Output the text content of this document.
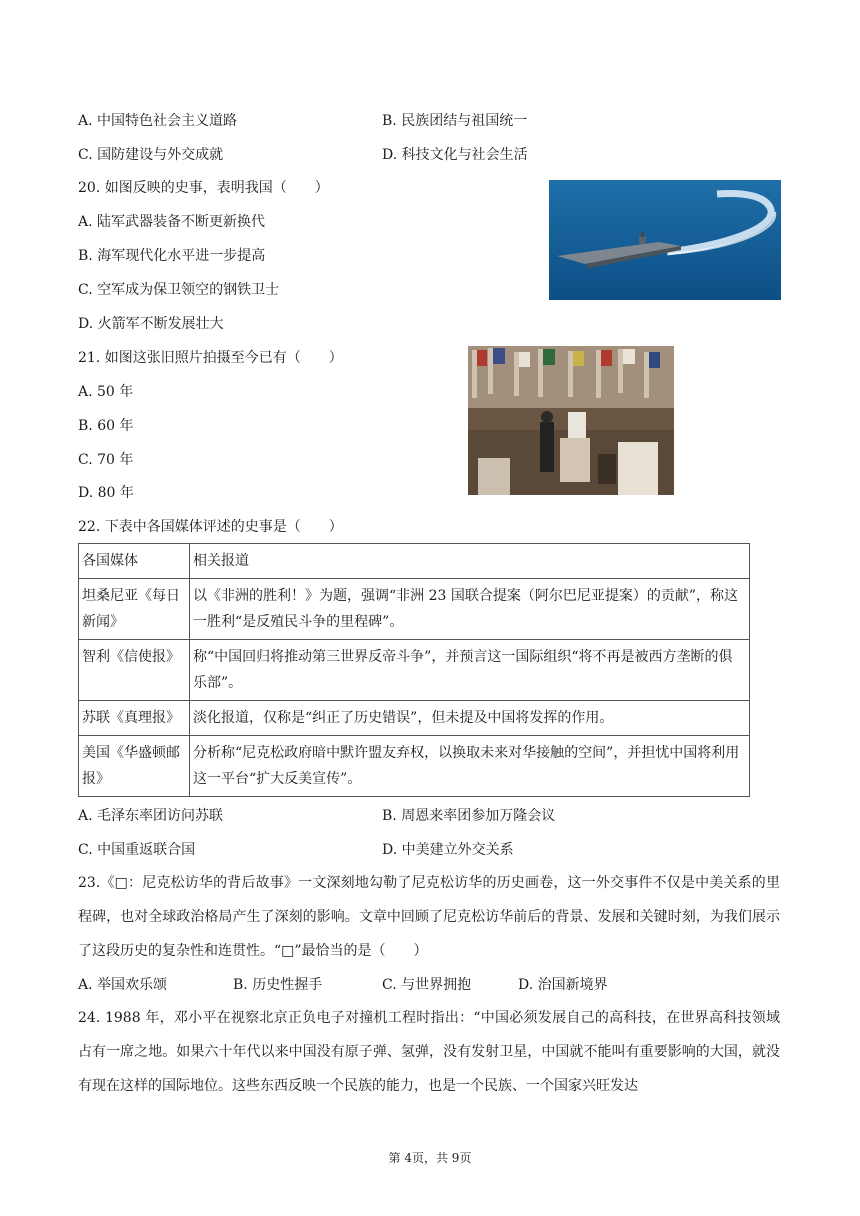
A. 中国特色社会主义道路	B. 民族团结与祖国统一
C. 国防建设与外交成就	D. 科技文化与社会生活
20. 如图反映的史事，表明我国（　　）
A. 陆军武器装备不断更新换代
B. 海军现代化水平进一步提高
C. 空军成为保卫领空的钢铁卫士
D. 火箭军不断发展壮大
21. 如图这张旧照片拍摄至今已有（　　）
A. 50 年
B. 60 年
C. 70 年
D. 80 年
22. 下表中各国媒体评述的史事是（　　）
各国媒体	相关报道
坦桑尼亚《每日新闻》	以《非洲的胜利！》为题，强调“非洲 23 国联合提案（阿尔巴尼亚提案）的贡献”，称这一胜利“是反殖民斗争的里程碑”。
智利《信使报》	称“中国回归将推动第三世界反帝斗争”，并预言这一国际组织“将不再是被西方垄断的俱乐部”。
苏联《真理报》	淡化报道，仅称是“纠正了历史错误”，但未提及中国将发挥的作用。
美国《华盛顿邮报》	分析称“尼克松政府暗中默许盟友弃权，以换取未来对华接触的空间”，并担忧中国将利用这一平台“扩大反美宣传”。
A. 毛泽东率团访问苏联	B. 周恩来率团参加万隆会议
C. 中国重返联合国	D. 中美建立外交关系
23.《□：尼克松访华的背后故事》一文深刻地勾勒了尼克松访华的历史画卷，这一外交事件不仅是中美关系的里程碑，也对全球政治格局产生了深刻的影响。文章中回顾了尼克松访华前后的背景、发展和关键时刻，为我们展示了这段历史的复杂性和连贯性。“□”最恰当的是（　　）
A. 举国欢乐颂	B. 历史性握手	C. 与世界拥抱	D. 治国新境界
24. 1988 年，邓小平在视察北京正负电子对撞机工程时指出：“中国必须发展自己的高科技，在世界高科技领域占有一席之地。如果六十年代以来中国没有原子弹、氢弹，没有发射卫星，中国就不能叫有重要影响的大国，就没有现在这样的国际地位。这些东西反映一个民族的能力，也是一个民族、一个国家兴旺发达
第 4页，共 9页
